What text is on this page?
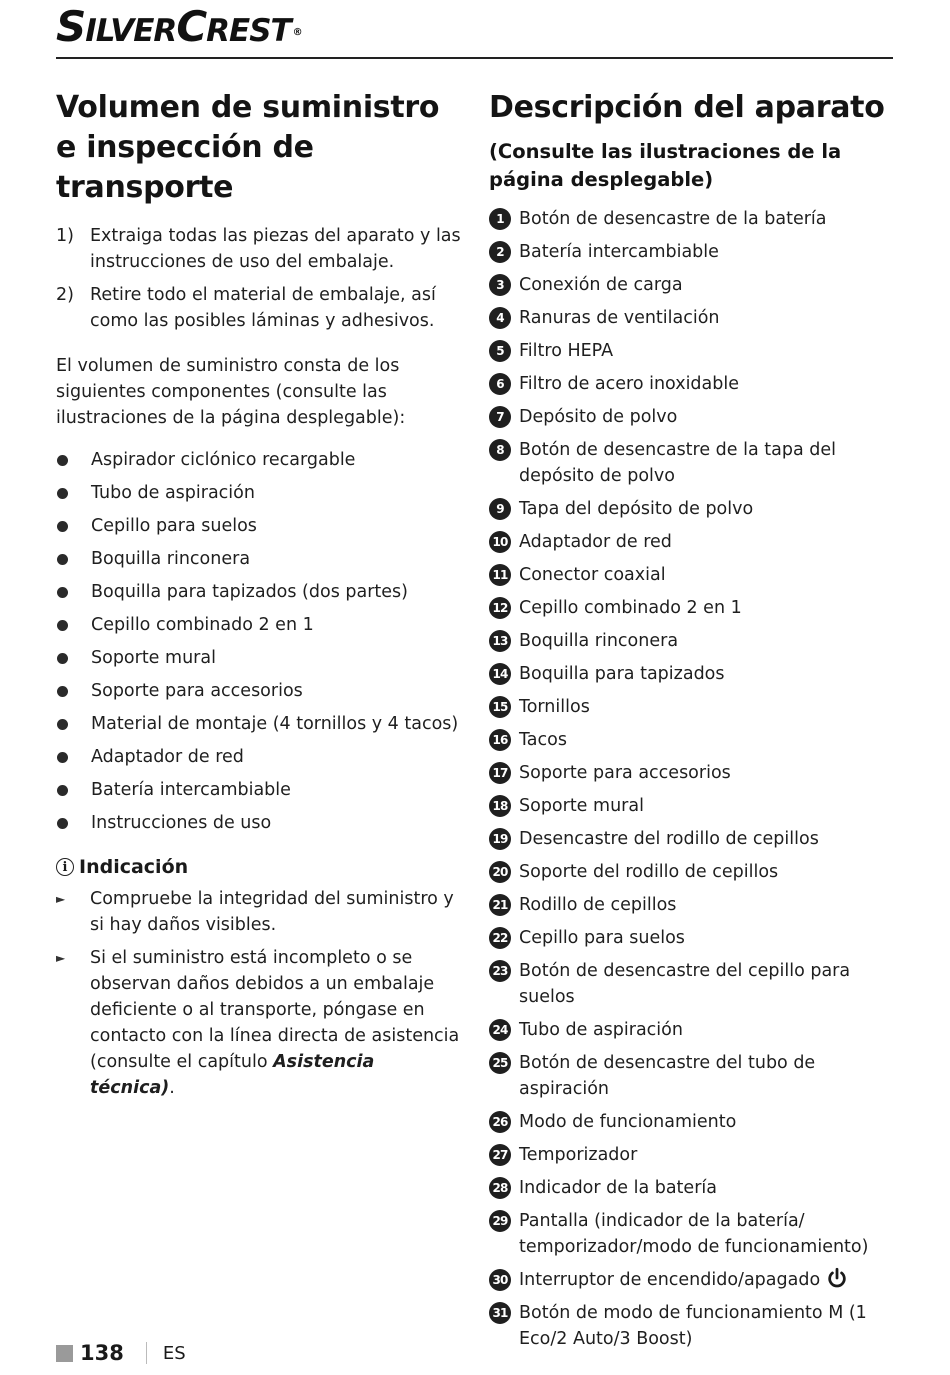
SILVERCREST ®
Volumen de suministro e inspección de transporte
1) Extraiga todas las piezas del aparato y las instrucciones de uso del embalaje.
2) Retire todo el material de embalaje, así como las posibles láminas y adhesivos.
El volumen de suministro consta de los siguientes componentes (consulte las ilustraciones de la página desplegable):
Aspirador ciclónico recargable
Tubo de aspiración
Cepillo para suelos
Boquilla rinconera
Boquilla para tapizados (dos partes)
Cepillo combinado 2 en 1
Soporte mural
Soporte para accesorios
Material de montaje (4 tornillos y 4 tacos)
Adaptador de red
Batería intercambiable
Instrucciones de uso
i Indicación
►	Compruebe la integridad del suministro y si hay daños visibles.
►	Si el suministro está incompleto o se observan daños debidos a un embalaje deficiente o al transporte, póngase en contacto con la línea directa de asistencia (consulte el capítulo Asistencia técnica).
Descripción del aparato
(Consulte las ilustraciones de la página desplegable)
1 Botón de desencastre de la batería
2 Batería intercambiable
3 Conexión de carga
4 Ranuras de ventilación
5 Filtro HEPA
6 Filtro de acero inoxidable
7 Depósito de polvo
8 Botón de desencastre de la tapa del depósito de polvo
9 Tapa del depósito de polvo
10 Adaptador de red
11 Conector coaxial
12 Cepillo combinado 2 en 1
13 Boquilla rinconera
14 Boquilla para tapizados
15 Tornillos
16 Tacos
17 Soporte para accesorios
18 Soporte mural
19 Desencastre del rodillo de cepillos
20 Soporte del rodillo de cepillos
21 Rodillo de cepillos
22 Cepillo para suelos
23 Botón de desencastre del cepillo para suelos
24 Tubo de aspiración
25 Botón de desencastre del tubo de aspiración
26 Modo de funcionamiento
27 Temporizador
28 Indicador de la batería
29 Pantalla (indicador de la batería/ temporizador/modo de funcionamiento)
30 Interruptor de encendido/apagado
31 Botón de modo de funcionamiento M (1 Eco/2 Auto/3 Boost)
138 ES
